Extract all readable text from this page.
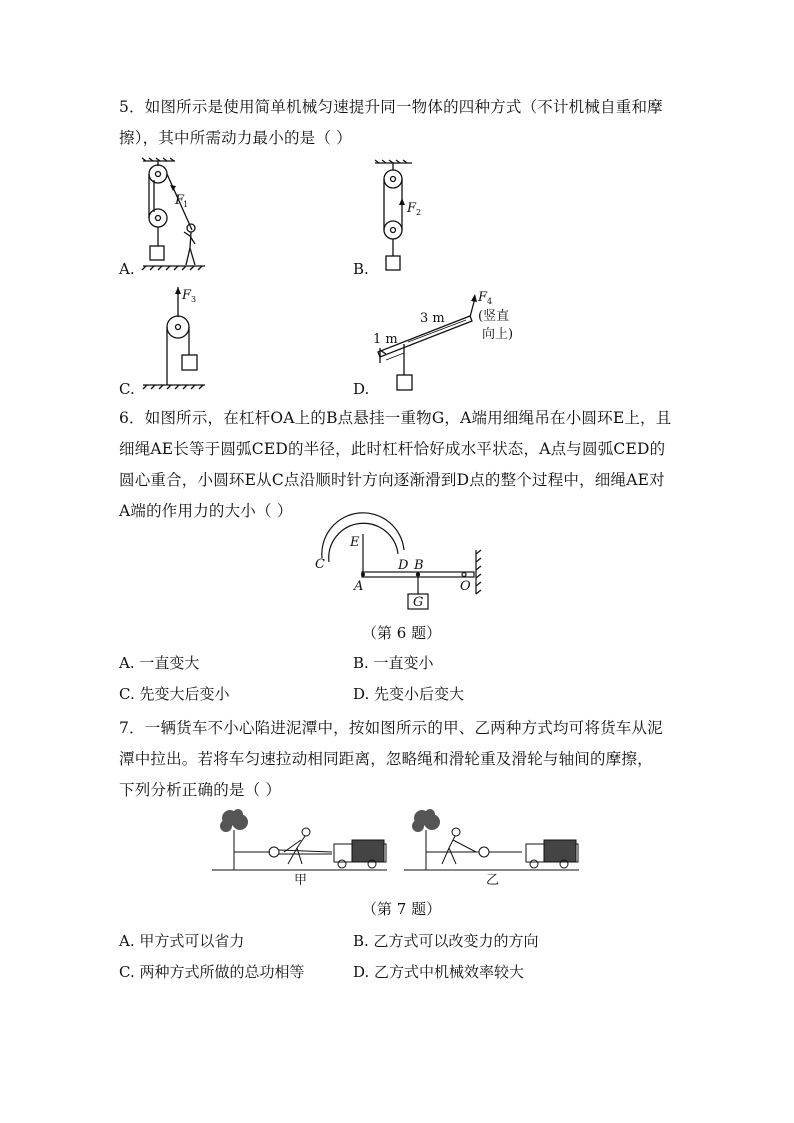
5．如图所示是使用简单机械匀速提升同一物体的四种方式（不计机械自重和摩
擦），其中所需动力最小的是（ ）
F
1
A.
F 2
B.
F 3
C.
F 4
3 m
1 m
(竖直
向上)
D.
6．如图所示，在杠杆OA上的B点悬挂一重物G，A端用细绳吊在小圆环E上，且
细绳AE长等于圆弧CED的半径，此时杠杆恰好成水平状态，A点与圆弧CED的
圆心重合，小圆环E从C点沿顺时针方向逐渐滑到D点的整个过程中，细绳AE对
A端的作用力的大小（ ）
C
E
D B
A	O
G
（第 6 题）
A. 一直变大	B. 一直变小
C. 先变大后变小	D. 先变小后变大
7．一辆货车不小心陷进泥潭中，按如图所示的甲、乙两种方式均可将货车从泥
潭中拉出。若将车匀速拉动相同距离，忽略绳和滑轮重及滑轮与轴间的摩擦，
下列分析正确的是（ ）
甲	乙
（第 7 题）
A. 甲方式可以省力	B. 乙方式可以改变力的方向
C. 两种方式所做的总功相等	D. 乙方式中机械效率较大
